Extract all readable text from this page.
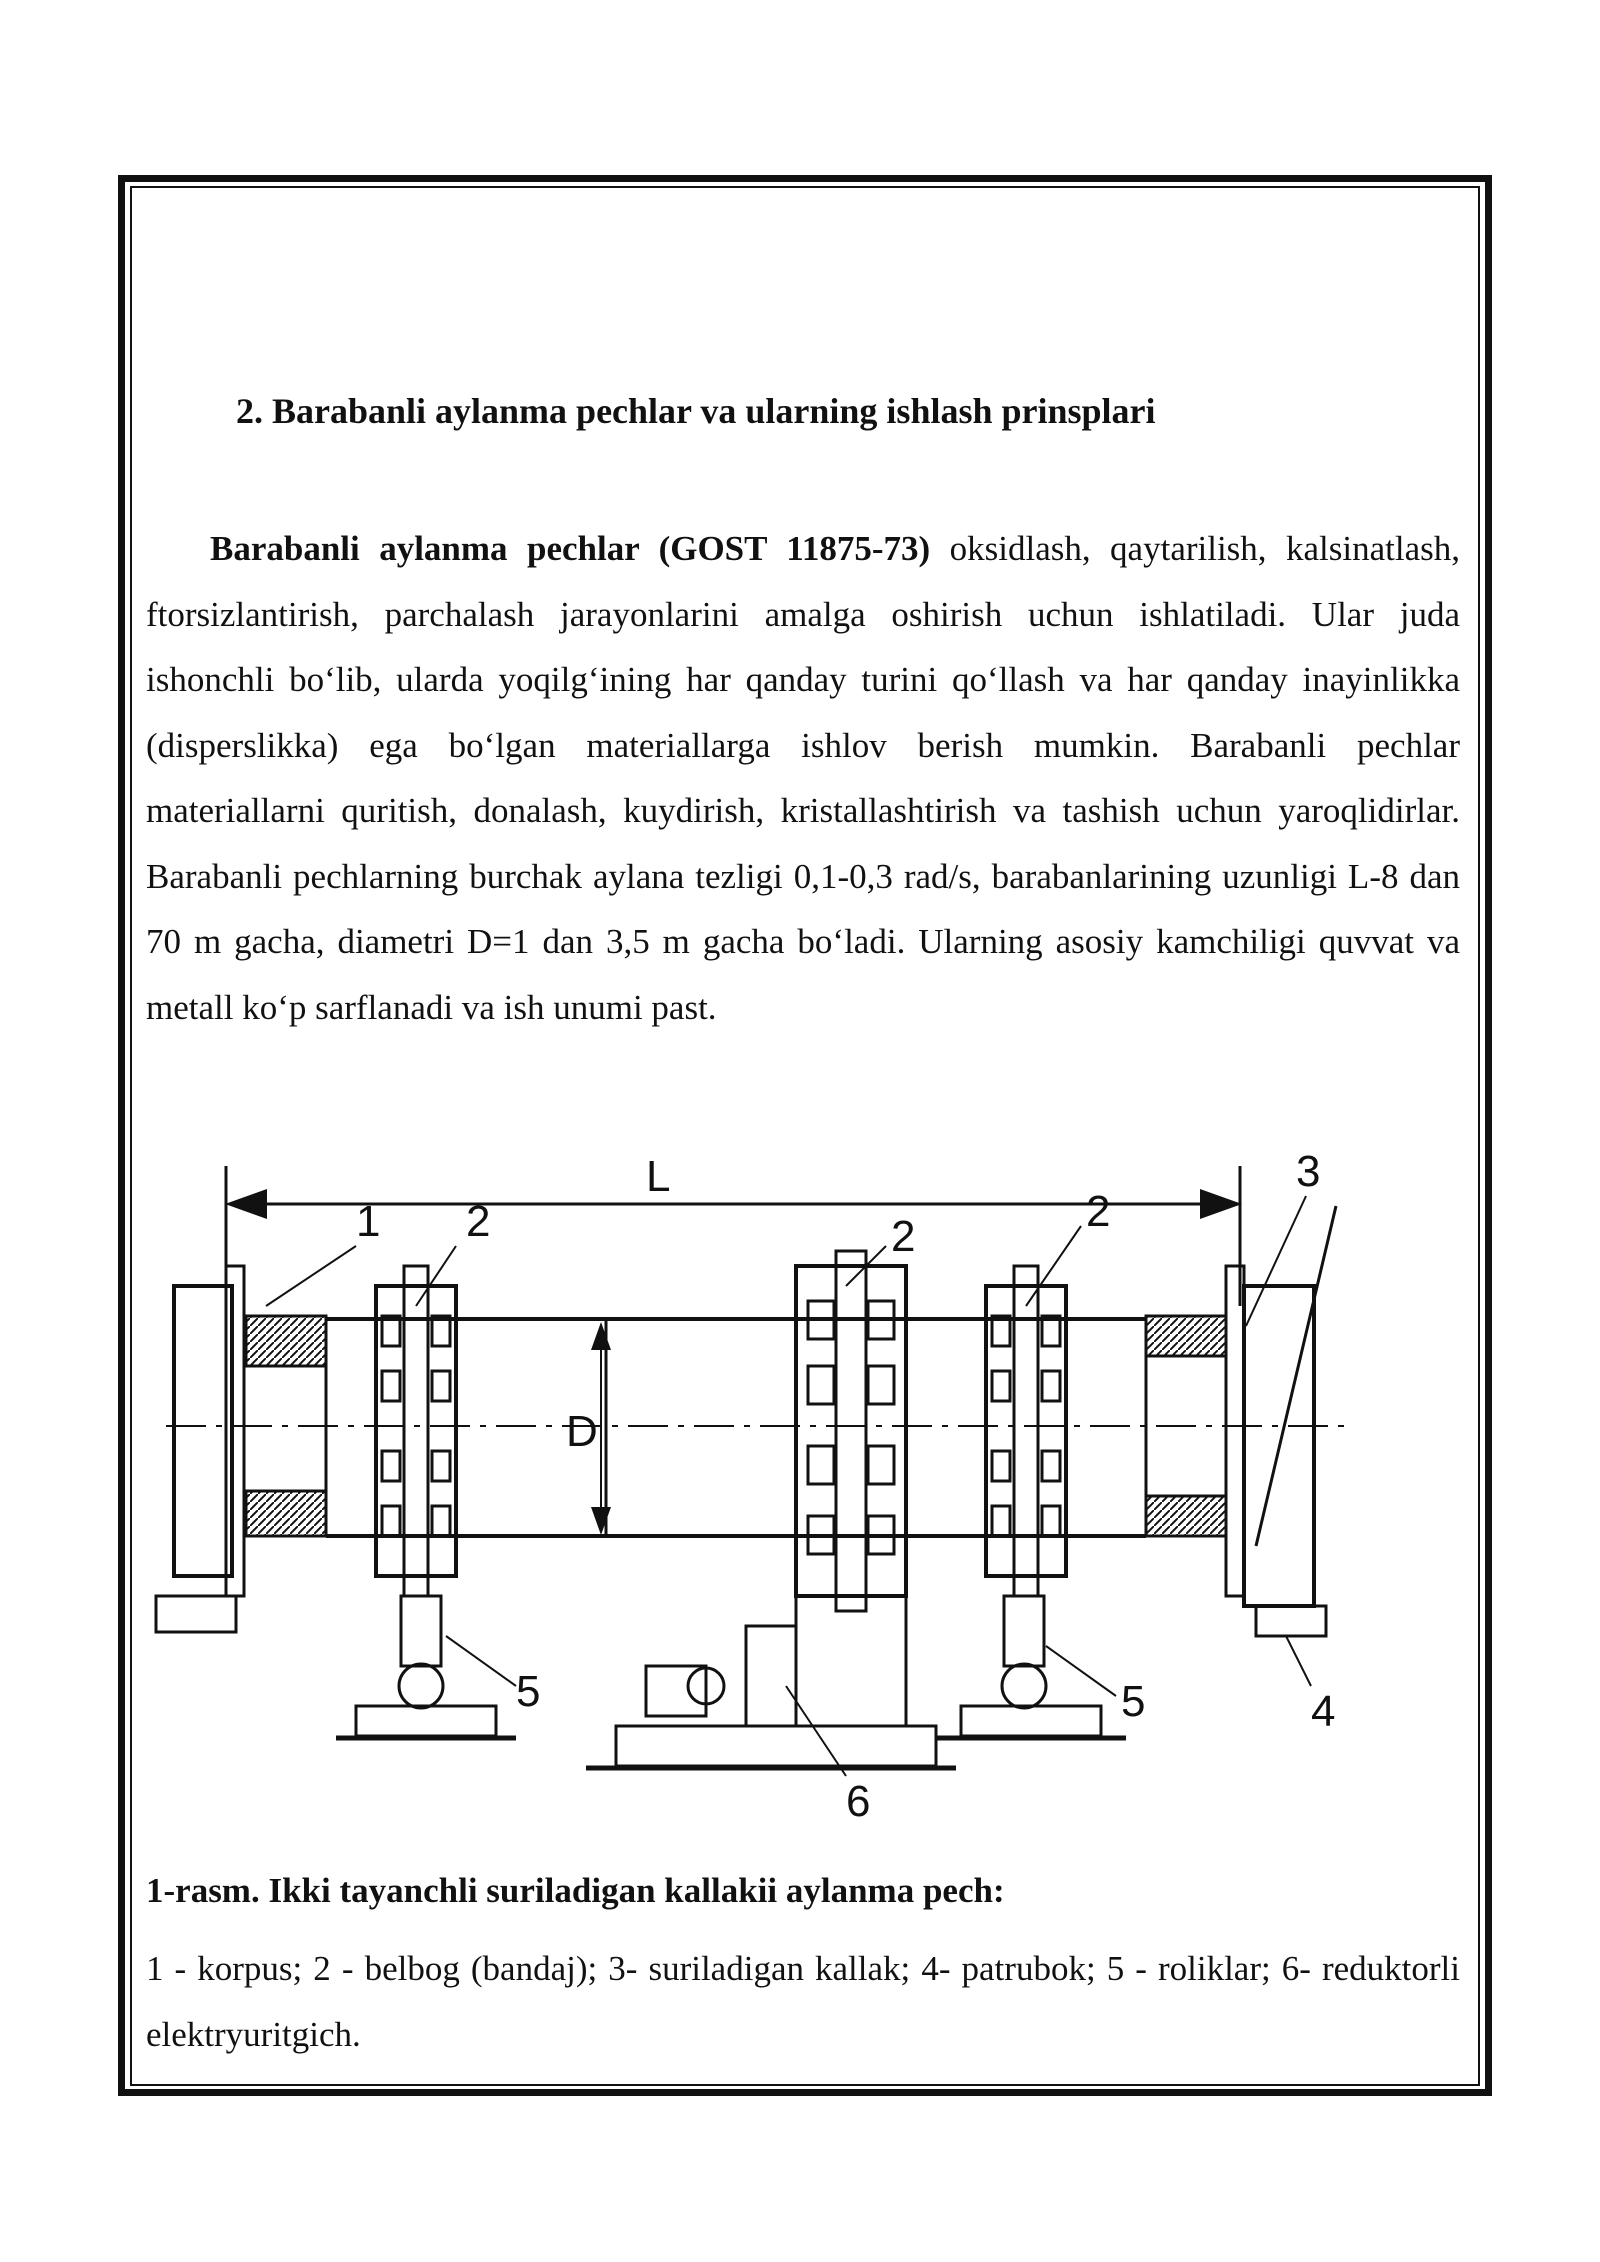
2. Barabanli aylanma pechlar va ularning ishlash prinsplari

Barabanli aylanma pechlar (GOST 11875-73) oksidlash, qaytarilish, kalsinatlash, ftorsizlantirish, parchalash jarayonlarini amalga oshirish uchun ishlatiladi. Ular juda ishonchli boʻlib, ularda yoqilgʻining har qanday turini qoʻllash va har qanday inayinlikka (disperslikka) ega boʻlgan materiallarga ishlov berish mumkin. Barabanli pechlar materiallarni quritish, donalash, kuydirish, kristallashtirish va tashish uchun yaroqlidirlar. Barabanli pechlarning burchak aylana tezligi 0,1-0,3 rad/s, barabanlarining uzunligi L-8 dan 70 m gacha, diametri D=1 dan 3,5 m gacha boʻladi. Ularning asosiy kamchiligi quvvat va metall koʻp sarflanadi va ish unumi past.

L
D
1 2	2
2
3
4
5	5
6
1-rasm. Ikki tayanchli suriladigan kallakii aylanma pech:

1 - korpus; 2 - belbog (bandaj); 3- suriladigan kallak; 4- patrubok; 5 - roliklar; 6- reduktorli elektryuritgich.
